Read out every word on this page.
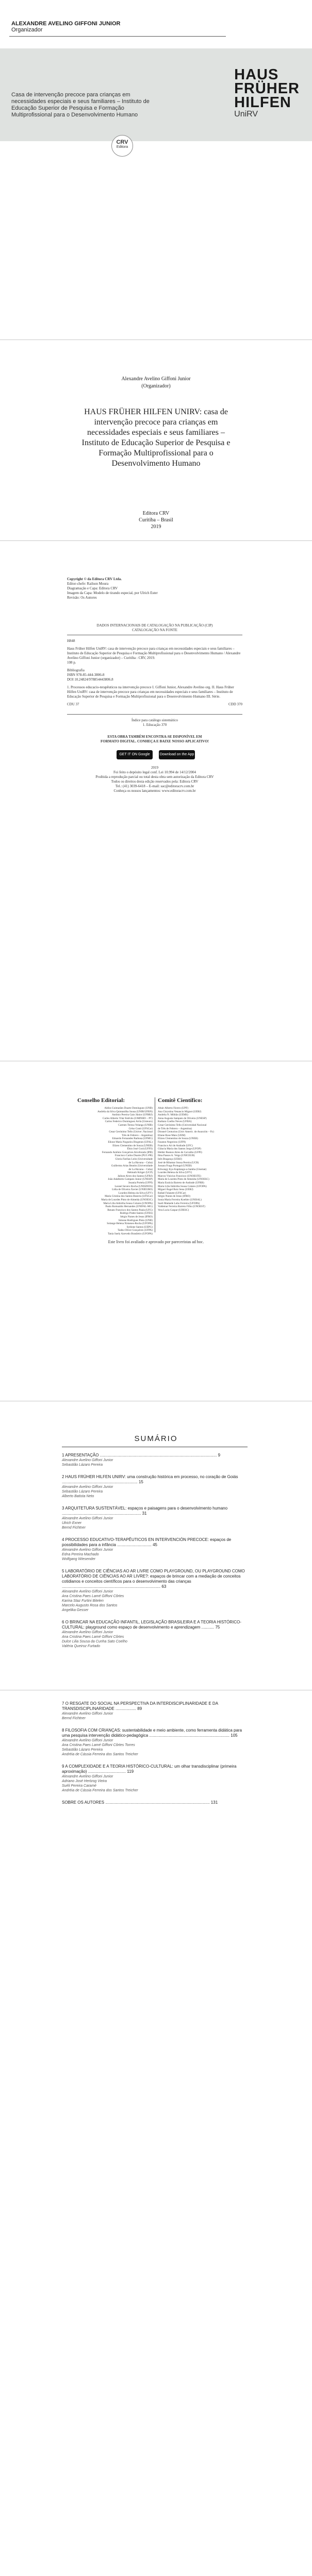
ALEXANDRE AVELINO GIFFONI JUNIOR
Organizador
HAUS
FRÜHER
HILFEN
UniRV
Casa de intervenção precoce para crianças em necessidades especiais e seus familiares – Instituto de Educação Superior de Pesquisa e Formação Multiprofissional para o Desenvolvimento Humano
CRV
Editora
Alexandre Avelino Giffoni Junior
(Organizador)
HAUS FRÜHER HILFEN UNIRV: casa de intervenção precoce para crianças em necessidades especiais e seus familiares – Instituto de Educação Superior de Pesquisa e Formação Multiprofissional para o Desenvolvimento Humano
Editora CRV
Curitiba – Brasil
2019
Copyright © da Editora CRV Ltda.
Editor-chefe: Railson Moura
Diagramação e Capa: Editora CRV
Imagem da Capa: Modelo de tirando especial, por Ulrich Ester
Revisão: Os Autores
DADOS INTERNACIONAIS DE CATALOGAÇÃO NA PUBLICAÇÃO (CIP)
CATALOGAÇÃO NA FONTE
H848
Haus Früher Hilfen UniRV: casa de intervenção precoce para crianças em necessidades especiais e seus familiares – Instituto de Educação Superior de Pesquisa e Formação Multiprofissional para o Desenvolvimento Humano / Alexandre Avelino Giffoni Junior (organizador) – Curitiba : CRV, 2019.
108 p.
Bibliografia
ISBN 978-85-444-3806-8
DOI 10.24824/978854443806.8
1. Processos educacio-terapêuticos na intervenção precoce I. Giffoni Junior, Alexandre Avelino org. II. Haus Früher Hilfen UniRV: casa de intervenção precoce para crianças em necessidades especiais e seus familiares – Instituto de Educação Superior de Pesquisa e Formação Multiprofissional para o Desenvolvimento Humano III. Série.
CDU 37	CDD 370
Índice para catálogo sistemático
1. Educação 370
ESTA OBRA TAMBÉM ENCONTRA-SE DISPONÍVEL EM FORMATO DIGITAL. CONHEÇA E BAIXE NOSSO APLICATIVO!
GET IT ON Google Play
Download on the App Store
2019
Foi feito o depósito legal conf. Lei 10.994 de 14/12/2004
Proibida a reprodução parcial ou total desta obra sem autorização da Editora CRV
Todos os direitos desta edição reservados pela: Editora CRV
Tel.: (41) 3039-6418 – E-mail: sac@editoracrv.com.br
Conheça os nossos lançamentos: www.editoracrv.com.br
Conselho Editorial:	Comitê Científico:
Aldira Guimarães Duarte Domínguez (UNB)
Andréia da Silva Quintanilha Sousa (UNIR/UFRN)
Antônio Pereira Gaio Júnior (UFRRJ)
Carlos Alberto Vilar Estêvão (UMINHO – PT)
Carlos Federico Dominguez Avila (Unieuro)
Carmen Tereza Velanga (UNIR)
Celso Conti (UFSCar)
Cesar Gerónimo Tello (Univer .Nacional
Três de Febrero – Argentina)
Eduardo Fernandes Barbosa (UFMG)
Elione Maria Nogueira Diogenes (UFAL)
Elizeu Clementino de Souza (UNEB)
Élsio José Corá (UFFS)
Fernando Antônio Gonçalves Alcoforado (IPB)
Francisco Carlos Duarte (PUC-PR)
Gloria Fariñas León (Universidade
de La Havana – Cuba)
Guillermo Arias Beatón (Universidade
de La Havana – Cuba)
Helmuth Krüger (UCP)
Jailson Alves dos Santos (UFRJ)
João Adalberto Campato Junior (UNESP)
Josania Portela (UFPI)
Leonel Severo Rocha (UNISINOS)
Lídia de Oliveira Xavier (UNIEURO)
Lourdes Helena da Silva (UFV)
Maria Cristina dos Santos Bezerra (UFSCar)
Maria de Lourdes Pinto de Almeida (UNOESC)
Maria Lília Imbiriba Sousa Colares (UNOPA)
Paulo Romualdo Hernandes (UNIFAL-MG)
Renato Francisco dos Santos Paula (UFG)
Rodrigo Pratte-Santos (UFES)
Sérgio Nunes de Jesus (IFRO)
Simone Rodrigues Pinto (UNB)
Solange Helena Ximenes-Rocha (UFOPA)
Sydione Santos (UEPG)
Tadeu Oliver Gonçalves (UFPA)
Tania Suely Azevedo Brasileiro (UFOPA)
Altair Alberto Fávero (UPF)
Ana Chrystina Venancio Mignot (UERJ)
Andréia N. Militão (UEMS)
Anna Augusta Sampaio de Oliveira (UNESP)
Barbara Coelho Neves (UFBA)
Cesar Gerónimo Tello (Universidad Nacional
de Três de Febrero – Argentina)
Diosnel Centurion (Univ Americ. de Asunción – Py)
Eliane Rose Maio (UEM)
Elizeu Clementino de Souza (UNEB)
Fauston Negreiros (UFPI)
Francisco Ari de Andrade (UFC)
Gláucia Maria dos Santos Jorge (UFOP)
Helder Buenos Aires de Carvalho (UFPI)
Ilma Passos A. Veiga (UNICEUB)
Inês Bragança (UERJ)
José de Ribamar Sousa Pereira (UCB)
Jussara Fraga Portugal (UNEB)
Kilwangy Kya Kapitango-a-Samba (Unemat)
Lourdes Helena da Silva (UFV)
Marcos Vinicius Francisco (UNOESTE)
Maria de Lourdes Pinto de Almeida (UNOESC)
Maria Eurácia Barreto de Andrade (UFRB)
Maria Lília Imbiriba Sousa Colares (UFOPA)
Míguel Ángel Ruiz Sena (UERJ)
Rafael Fulanete (UFSCar)
Sérgio Nunes de Jesus (IFRO)
Sonia Maria Ferreira Koehler (UNISAL)
Sueli Mamede Lobo Ferreira (UFOPA)
Valdemar Ferreira Barreto Filho (UNOEST)
Vera Lucia Gaspar (UDESC)
Este livro foi avaliado e aprovado por pareceristas ad hoc.
SUMÁRIO
1 APRESENTAÇÃO ...................................................................................................... 9
Alexandre Avelino Giffoni Junior
Sebastião Lázaro Pereira
2 HAUS FRÜHER HILFEN UNIRV: uma construção histórica em processo, no coração de Goiás .................................................................. 15
Alexandre Avelino Giffoni Junior
Sebastião Lázaro Pereira
Alberto Batista Neto
3 ARQUITETURA SUSTENTÁVEL: espaços e paisagens para o desenvolvimento humano ..................................................................... 31
Alexandre Avelino Giffoni Junior
Ulrich Exner
Bernd Fichtner
4 PROCESSO EDUCATIVO-TERAPÊUTICOS EN INTERVENCIÓN PRECOCE: espaços de possibilidades para a infância .............................. 45
Alexandre Avelino Giffoni Junior
Edna Pereira Machado
Wolfgang Wiesender
5 LABORATÓRIO DE CIÊNCIAS AO AR LIVRE COMO PLAYGROUND, OU PLAYGROUND COMO LABORATÓRIO DE CIÊNCIAS AO AR LIVRE?: espaços de brincar com a mediação de conceitos cotidianos e conceitos científicos para o desenvolvimento das crianças ...................................................................................... 63
Alexandre Avelino Giffoni Junior
Ana Cristina Paes Lamé Giffoni Côrtes
Karina Staz Furtini Bitelen
Marcelo Augusto Rosa dos Santos
Angelika Gesser
6 O BRINCAR NA EDUCAÇÃO INFANTIL, LEGISLAÇÃO BRASILEIRA E A TEORIA HISTÓRICO-CULTURAL: playground como espaço de desenvolvimento e aprendizagem ........... 75
Alexandre Avelino Giffoni Junior
Ana Cristina Paes Lamé Giffoni Côrtes
Dulce Lilia Sousa da Cunha Sato Coelho
Valéria Queiroz Furtado
7 O RESGATE DO SOCIAL NA PERSPECTIVA DA INTERDISCIPLINARIDADE E DA TRANSDISCIPLINARIDADE .................. 89
Alexandre Avelino Giffoni Junior
Bernd Fichtner
8 FILOSOFIA COM CRIANÇAS: sustentabilidade e meio ambiente, como ferramenta didática para uma pesquisa intervenção didático-pedagógica ...................................................................... 105
Alexandre Avelino Giffoni Junior
Ana Cristina Paes Lamé Giffoni Côrtes Torres
Sebastião Lázaro Pereira
Andréia de Cássia Ferreira dos Santos Treicher
9 A COMPLEXIDADE E A TEORIA HISTÓRICO-CULTURAL: um olhar transdisciplinar (primeira aproximação) ................................. 119
Alexandre Avelino Giffoni Junior
Adriano José Hertzog Vieira
Suéli Pereira Caramé
Andréia de Cássia Ferreira dos Santos Treicher
SOBRE OS AUTORES ........................................................................................... 131
